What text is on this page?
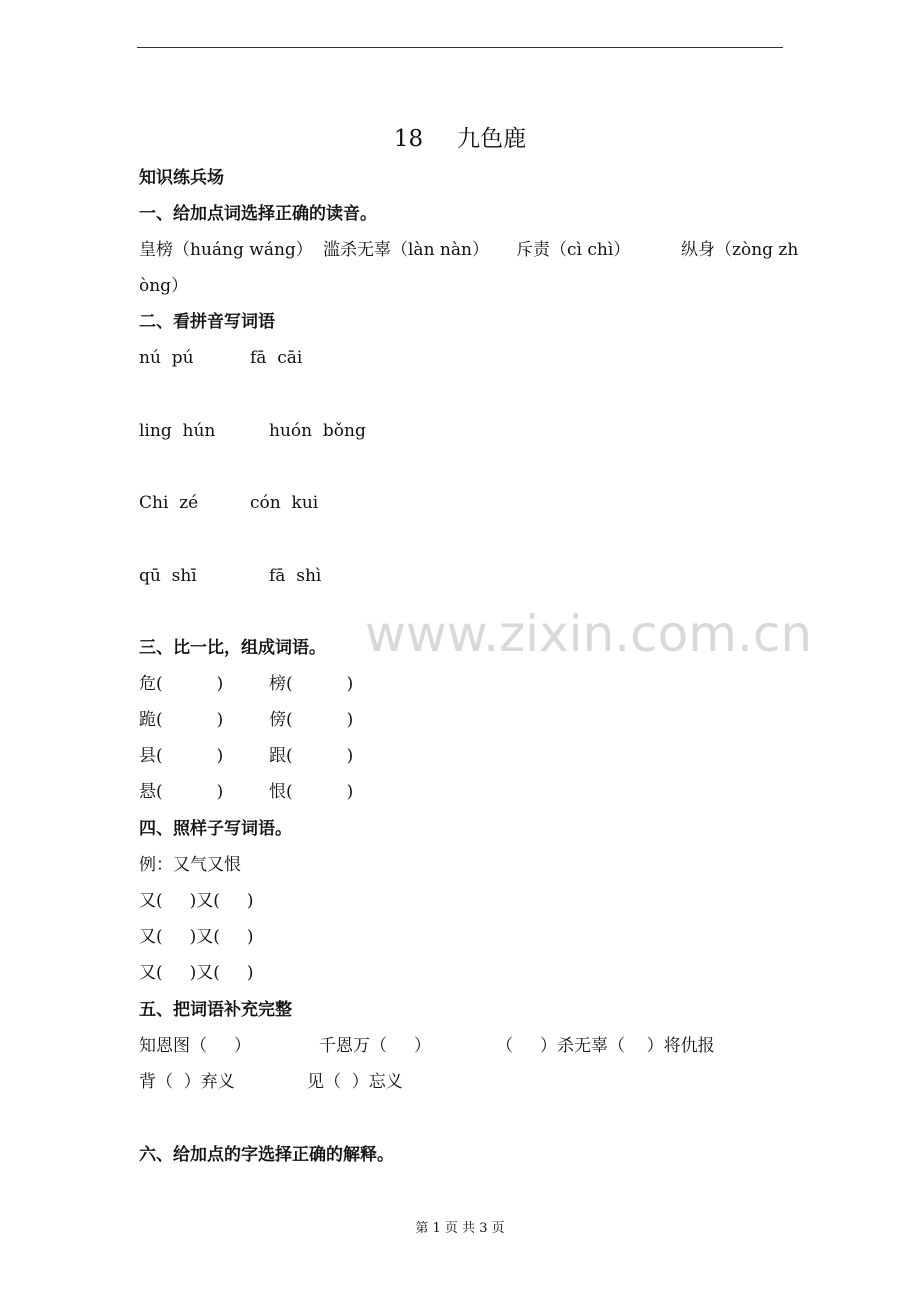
18 九色鹿
知识练兵场
一、给加点词选择正确的读音。
皇榜（huáng wáng） 滥杀无辜（làn nàn） 斥责（cì chì）	纵身（zòng zh
òng）
二、看拼音写词语
nú  pú	fā  cāi
ling  hún	huón  bǒng
Chi  zé	cón  kui
qū  shī	fā  shì
www.zixin.com.cn
三、比一比，组成词语。
危(          )	榜(          )
跪(          )	傍(          )
县(          )	跟(          )
悬(          )	恨(          )
四、照样子写词语。
例：又气又恨
又(     )又(     )
又(     )又(     )
又(     )又(     )
五、把词语补充完整
知恩图（     ）	千恩万（     ）	（     ）杀无辜（    ）将仇报
背（  ）弃义	见（  ）忘义
六、给加点的字选择正确的解释。
第 1 页 共 3 页
